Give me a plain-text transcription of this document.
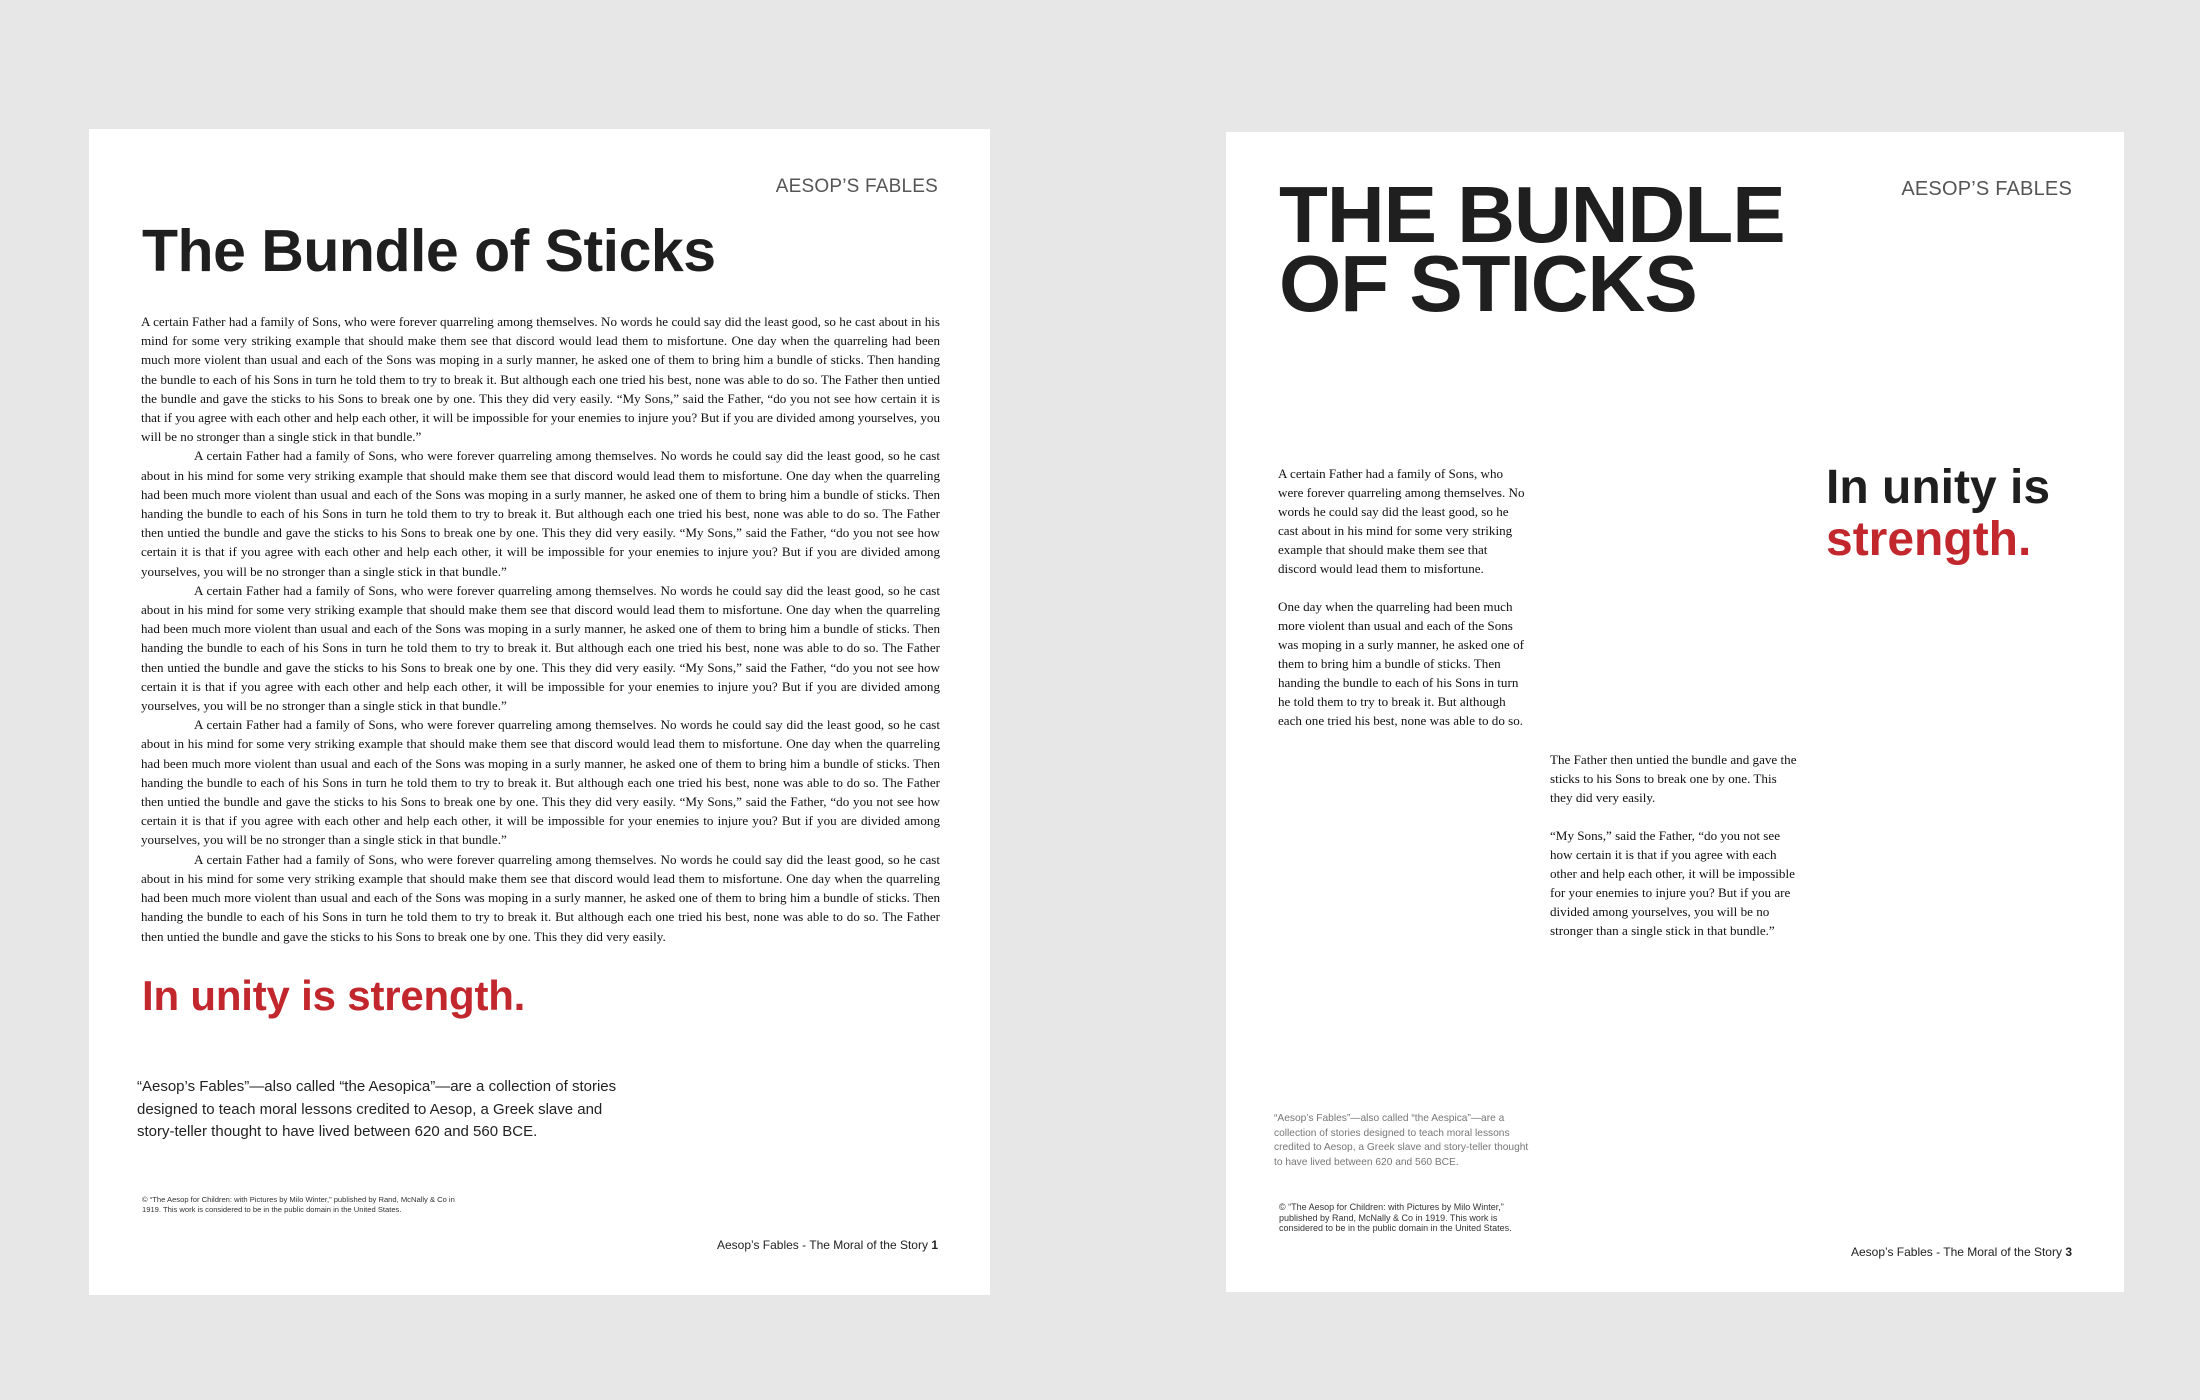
AESOP’S FABLES

The Bundle of Sticks

A certain Father had a family of Sons, who were forever quarreling among themselves. No words he could say did the least good, so he cast about in his mind for some very striking example that should make them see that discord would lead them to misfortune. One day when the quarreling had been much more violent than usual and each of the Sons was moping in a surly manner, he asked one of them to bring him a bundle of sticks. Then handing the bundle to each of his Sons in turn he told them to try to break it. But although each one tried his best, none was able to do so. The Father then untied the bundle and gave the sticks to his Sons to break one by one. This they did very easily. “My Sons,” said the Father, “do you not see how certain it is that if you agree with each other and help each other, it will be impossible for your enemies to injure you? But if you are divided among yourselves, you will be no stronger than a single stick in that bundle.”

A certain Father had a family of Sons, who were forever quarreling among themselves. No words he could say did the least good, so he cast about in his mind for some very striking example that should make them see that discord would lead them to misfortune. One day when the quarreling had been much more violent than usual and each of the Sons was moping in a surly manner, he asked one of them to bring him a bundle of sticks. Then handing the bundle to each of his Sons in turn he told them to try to break it. But although each one tried his best, none was able to do so. The Father then untied the bundle and gave the sticks to his Sons to break one by one. This they did very easily. “My Sons,” said the Father, “do you not see how certain it is that if you agree with each other and help each other, it will be impossible for your enemies to injure you? But if you are divided among yourselves, you will be no stronger than a single stick in that bundle.”

A certain Father had a family of Sons, who were forever quarreling among themselves. No words he could say did the least good, so he cast about in his mind for some very striking example that should make them see that discord would lead them to misfortune. One day when the quarreling had been much more violent than usual and each of the Sons was moping in a surly manner, he asked one of them to bring him a bundle of sticks. Then handing the bundle to each of his Sons in turn he told them to try to break it. But although each one tried his best, none was able to do so. The Father then untied the bundle and gave the sticks to his Sons to break one by one. This they did very easily. “My Sons,” said the Father, “do you not see how certain it is that if you agree with each other and help each other, it will be impossible for your enemies to injure you? But if you are divided among yourselves, you will be no stronger than a single stick in that bundle.”

A certain Father had a family of Sons, who were forever quarreling among themselves. No words he could say did the least good, so he cast about in his mind for some very striking example that should make them see that discord would lead them to misfortune. One day when the quarreling had been much more violent than usual and each of the Sons was moping in a surly manner, he asked one of them to bring him a bundle of sticks. Then handing the bundle to each of his Sons in turn he told them to try to break it. But although each one tried his best, none was able to do so. The Father then untied the bundle and gave the sticks to his Sons to break one by one. This they did very easily. “My Sons,” said the Father, “do you not see how certain it is that if you agree with each other and help each other, it will be impossible for your enemies to injure you? But if you are divided among yourselves, you will be no stronger than a single stick in that bundle.”

A certain Father had a family of Sons, who were forever quarreling among themselves. No words he could say did the least good, so he cast about in his mind for some very striking example that should make them see that discord would lead them to misfortune. One day when the quarreling had been much more violent than usual and each of the Sons was moping in a surly manner, he asked one of them to bring him a bundle of sticks. Then handing the bundle to each of his Sons in turn he told them to try to break it. But although each one tried his best, none was able to do so. The Father then untied the bundle and gave the sticks to his Sons to break one by one. This they did very easily.

In unity is strength.

“Aesop’s Fables”—also called “the Aesopica”—are a collection of stories designed to teach moral lessons credited to Aesop, a Greek slave and story-teller thought to have lived between 620 and 560 BCE.

© “The Aesop for Children: with Pictures by Milo Winter,” published by Rand, McNally & Co in 1919. This work is considered to be in the public domain in the United States.

Aesop’s Fables - The Moral of the Story 1

AESOP’S FABLES

THE BUNDLE
OF STICKS

In unity is
strength.

A certain Father had a family of Sons, who were forever quarreling among themselves. No words he could say did the least good, so he cast about in his mind for some very striking example that should make them see that discord would lead them to misfortune.

One day when the quarreling had been much more violent than usual and each of the Sons was moping in a surly manner, he asked one of them to bring him a bundle of sticks. Then handing the bundle to each of his Sons in turn he told them to try to break it. But although each one tried his best, none was able to do so.

The Father then untied the bundle and gave the sticks to his Sons to break one by one. This they did very easily.

“My Sons,” said the Father, “do you not see how certain it is that if you agree with each other and help each other, it will be impossible for your enemies to injure you? But if you are divided among yourselves, you will be no stronger than a single stick in that bundle.”

“Aesop’s Fables”—also called “the Aespica”—are a collection of stories designed to teach moral lessons credited to Aesop, a Greek slave and story-teller thought to have lived between 620 and 560 BCE.

© “The Aesop for Children: with Pictures by Milo Winter,” published by Rand, McNally & Co in 1919. This work is considered to be in the public domain in the United States.

Aesop’s Fables - The Moral of the Story 3
